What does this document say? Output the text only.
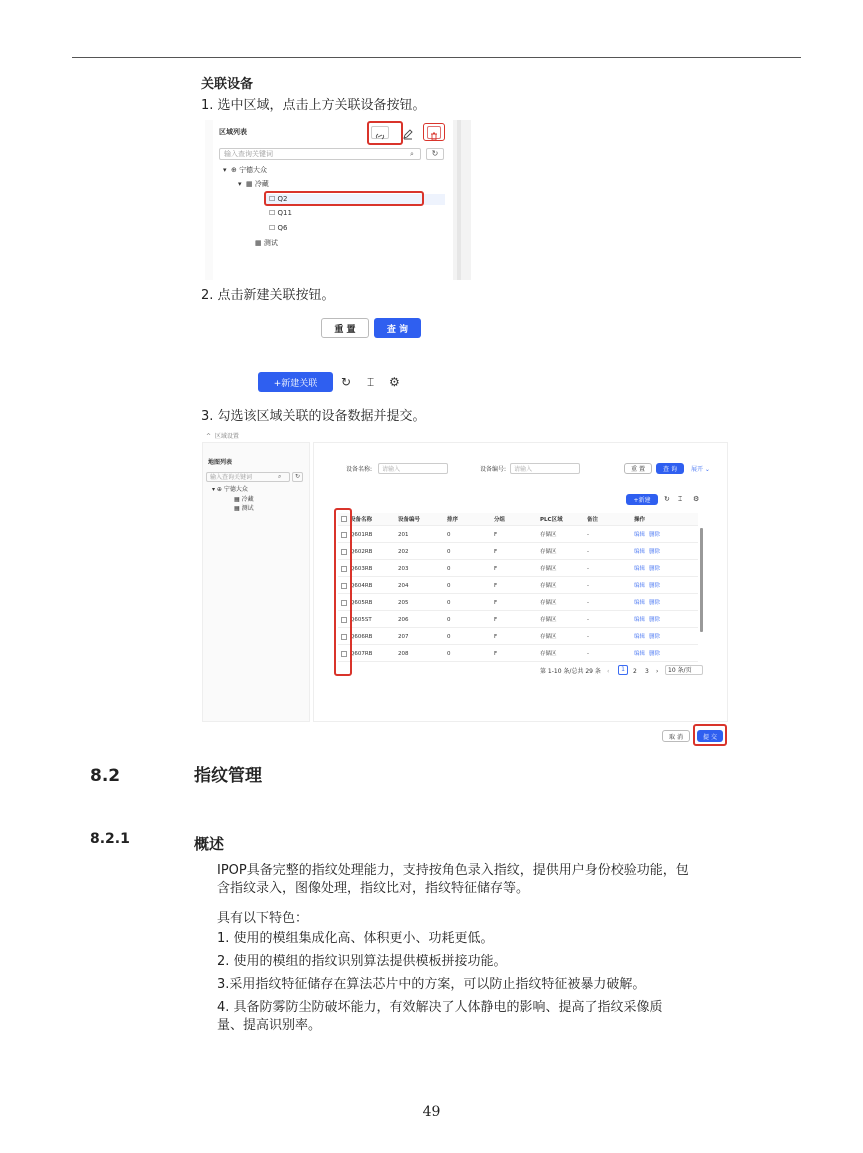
关联设备
1. 选中区域，点击上方关联设备按钮。
区域列表
输入查询关键词	⌕	↻
▾  ⊕ 宁德大众
▾  ▦ 冷藏
☐ Q2
☐ Q11
☐ Q6
▦ 测试
2. 点击新建关联按钮。
重 置	查 询
+新建关联	↻ ⌶ ⚙
3. 勾选该区域关联的设备数据并提交。
^  区域设置
地图列表
输入查询关键词	⌕	↻
▾ ⊕ 宁德大众
▦ 冷藏
▦ 测试
设备名称: 请输入	设备编号: 请输入	重 置	查 询	展开 ⌄
+新建	↻ ⌶ ⚙
设备名称	设备编号	排序	分组	PLC区域	备注	操作
Q601RB	201	0	F	存储区	-	编辑 删除
Q602RB	202	0	F	存储区	-	编辑 删除
Q603RB	203	0	F	存储区	-	编辑 删除
Q604RB	204	0	F	存储区	-	编辑 删除
Q605RB	205	0	F	存储区	-	编辑 删除
Q605ST	206	0	F	存储区	-	编辑 删除
Q606RB	207	0	F	存储区	-	编辑 删除
Q607RB	208	0	F	存储区	-	编辑 删除
第 1-10 条/总共 29 条 ‹	1	2 3 › 10 条/页
取 消	提 交
8.2	指纹管理
8.2.1	概述
IPOP具备完整的指纹处理能力，支持按角色录入指纹，提供用户身份校验功能，包
含指纹录入，图像处理，指纹比对，指纹特征储存等。
具有以下特色：
1. 使用的模组集成化高、体积更小、功耗更低。
2. 使用的模组的指纹识别算法提供模板拼接功能。
3.采用指纹特征储存在算法芯片中的方案，可以防止指纹特征被暴力破解。
4. 具备防雾防尘防破坏能力，有效解决了人体静电的影响、提高了指纹采像质
量、提高识别率。
49
